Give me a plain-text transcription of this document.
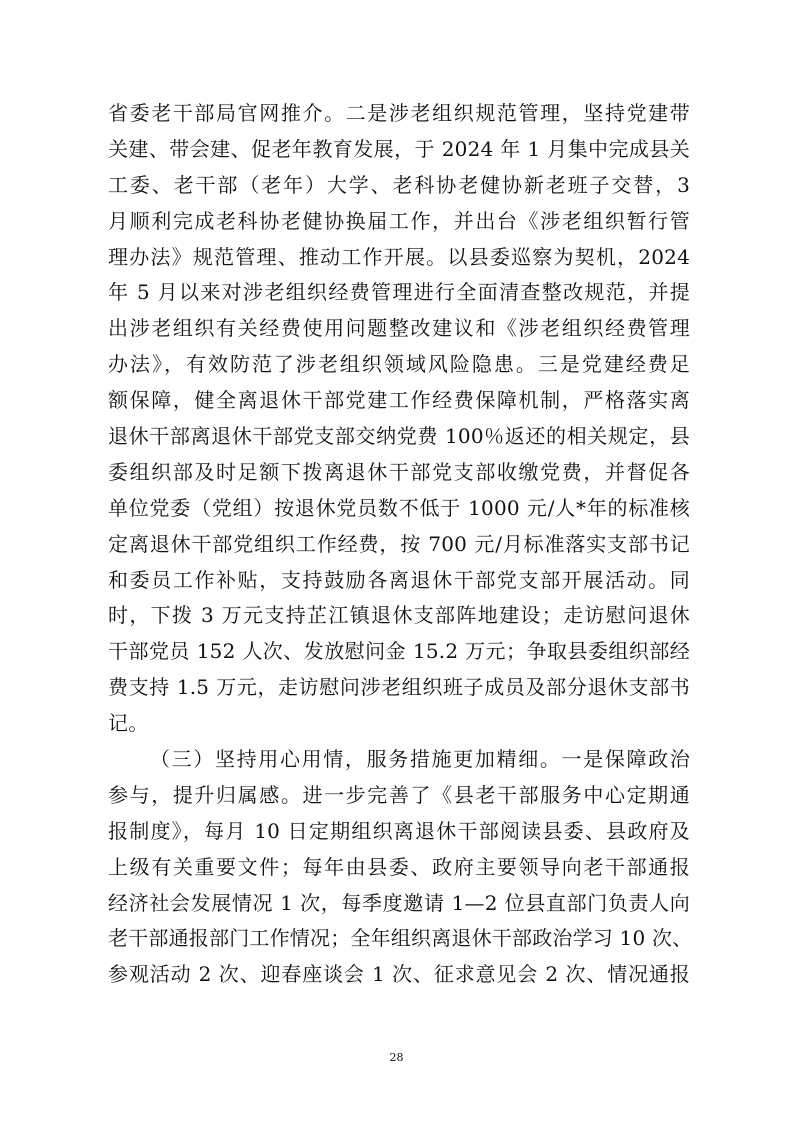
省委老干部局官网推介。二是涉老组织规范管理，坚持党建带
关建、带会建、促老年教育发展，于 2024 年 1 月集中完成县关
工委、老干部（老年）大学、老科协老健协新老班子交替，3
月顺利完成老科协老健协换届工作，并出台《涉老组织暂行管
理办法》规范管理、推动工作开展。以县委巡察为契机，2024
年 5 月以来对涉老组织经费管理进行全面清查整改规范，并提
出涉老组织有关经费使用问题整改建议和《涉老组织经费管理
办法》，有效防范了涉老组织领域风险隐患。三是党建经费足
额保障，健全离退休干部党建工作经费保障机制，严格落实离
退休干部离退休干部党支部交纳党费 100％返还的相关规定，县
委组织部及时足额下拨离退休干部党支部收缴党费，并督促各
单位党委（党组）按退休党员数不低于 1000 元/人*年的标准核
定离退休干部党组织工作经费，按 700 元/月标准落实支部书记
和委员工作补贴，支持鼓励各离退休干部党支部开展活动。同
时，下拨 3 万元支持芷江镇退休支部阵地建设；走访慰问退休
干部党员 152 人次、发放慰问金 15.2 万元；争取县委组织部经
费支持 1.5 万元，走访慰问涉老组织班子成员及部分退休支部书
记。
（三）坚持用心用情，服务措施更加精细。一是保障政治
参与，提升归属感。进一步完善了《县老干部服务中心定期通
报制度》，每月 10 日定期组织离退休干部阅读县委、县政府及
上级有关重要文件；每年由县委、政府主要领导向老干部通报
经济社会发展情况 1 次，每季度邀请 1—2 位县直部门负责人向
老干部通报部门工作情况；全年组织离退休干部政治学习 10 次、
参观活动 2 次、迎春座谈会 1 次、征求意见会 2 次、情况通报
28
